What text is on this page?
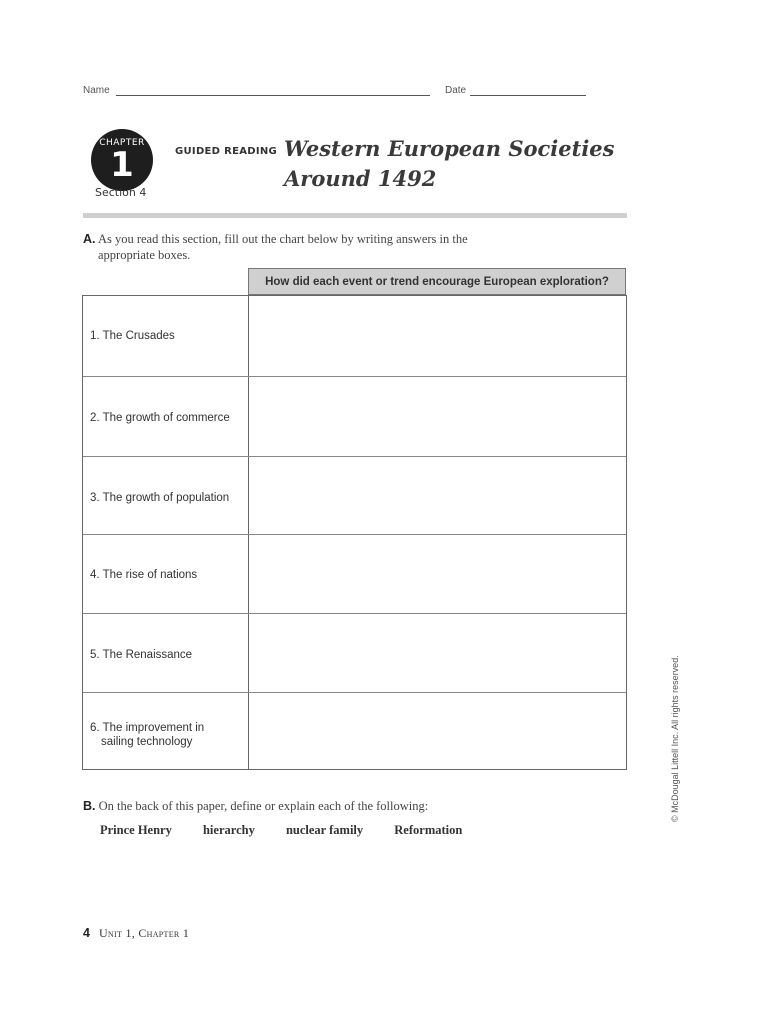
Name	Date
CHAPTER
1
Section 4
GUIDED READING Western European Societies
Around 1492
A. As you read this section, fill out the chart below by writing answers in the
appropriate boxes.
How did each event or trend encourage European exploration?
1. The Crusades
2. The growth of commerce
3. The growth of population
4. The rise of nations
5. The Renaissance
6. The improvement in
sailing technology	© McDougal Littell Inc. All rights reserved.
B. On the back of this paper, define or explain each of the following:
Prince Henry hierarchy nuclear family Reformation
4 Unit 1, Chapter 1
